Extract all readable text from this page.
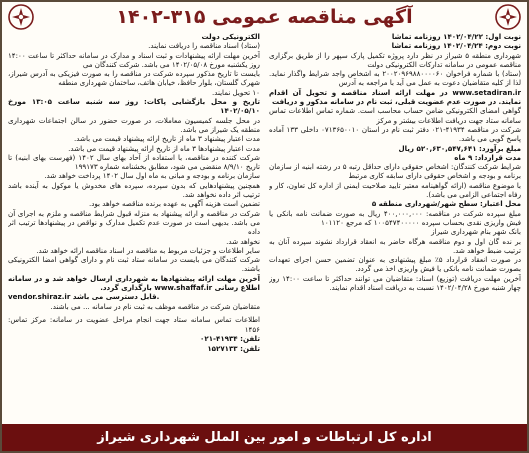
آگهی مناقصه عمومی ۳۱۵-۱۴۰۲

نوبت اول: ۱۴۰۲/۰۴/۲۲ روزنامه تماشا

نوبت دوم: ۱۴۰۲/۰۴/۲۴ روزنامه تماشا

شهرداری منطقه ۵ شیراز در نظر دارد پروژه تکمیل پارک سپهر را از طریق برگزاری مناقصه عمومی در سامانه تدارکات الکترونیکی دولت

(ستاد) با شماره فراخوان ۲۰۰۲۰۹۶۹۸۸۰۰۰۰۶۰ به اشخاص واجد شرایط واگذار نماید. لذا از کلیه متقاضیان دعوت به عمل می آید با مراجعه به آدرس

www.setadiran.ir در مهلت ارائه اسناد مناقصه و تحویل آن اقدام نمایند. در صورت عدم عضویت قبلی، ثبت نام در سامانه مذکور و دریافت

گواهی امضای الکترونیکی ضامن حساب محاسب است. شماره تماس اطلاعات تماس سامانه ستاد جهت دریافت اطلاعات بیشتر و مرکز

شرکت در مناقصه ۴۱۹۳۴-۰۲۱ دفتر ثبت نام در استان ۰۷۱۳۶۵۰۰۱۰ داخلی ۱۳۳ آماده پاسخ گویی می باشد.

مبلغ برآورد: ۵۲۰,۶۳۰,۵۴۷,۶۴۱ ریال

مدت قرارداد: ۹ ماه

شرایط شرکت کنندگان: اشخاص حقوقی دارای حداقل رتبه ۵ در رشته ابنیه از سازمان برنامه و بودجه و اشخاص حقوقی دارای سابقه کاری مرتبط

با موضوع مناقصه (ارائه گواهینامه معتبر تایید صلاحیت ایمنی از اداره کل تعاون، کار و رفاه اجتماعی الزامی می باشد).

محل اعتبار: سطح شهر/شهرداری منطقه ۵

مبلغ سپرده شرکت در مناقصه: ۴۰۰,۰۰۰,۰۰۰ ریال به صورت ضمانت نامه بانکی یا فیش واریزی نقدی بحساب سپرده ۱۰۰۵۴۷۴۰۰۰۰۰ که مرجع ۱۰۱۱۲۰

بانک شهر بنام شهرداری شیراز

بر نده گان اول و دوم مناقصه هرگاه حاضر به انعقاد قرارداد نشوند سپرده آنان به ترتیب ضبط خواهد شد.

در صورت انعقاد قرارداد ۵٪ مبلغ پیشنهادی به عنوان تضمین حسن اجرای تعهدات بصورت ضمانت نامه بانکی یا فیش واریزی اخذ می گردد.

آخرین مهلت دریافت (توزیع) اسناد: متقاضیان می توانند حداکثر تا ساعت ۱۴:۰۰ روز چهار شنبه مورخ ۱۴۰۲/۰۴/۲۸ نسبت به دریافت اسناد اقدام نمایند.

الکترونیکی دولت

(ستاد) اسناد مناقصه را دریافت نمایند.

آخرین مهلت ارائه پیشنهادات و ثبت اسناد و مدارک در سامانه حداکثر تا ساعت ۱۴:۰۰ روز یکشنبه مورخ ۱۴۰۲/۰۵/۰۸ می باشد. شرکت کنندگان می

بایست تا تاریخ مذکور سپرده شرکت در مناقصه را به صورت فیزیکی به آدرس شیراز، شهرک گلستان، بلوار حافظ، خیابان هاتف، ساختمان شهرداری منطقه

۱۰ تحویل نمایند.

تاریخ و محل بازگشایی پاکات: روز سه شنبه ساعت ۱۳:۰۵ مورخ ۱۴۰۲/۰۵/۱۰

در محل جلسه کمیسیون معاملات، در صورت حضور در سالن اجتماعات شهرداری منطقه یک شیراز می باشد.

مدت اعتبار پیشنهاد ۳ ماه از تاریخ ارائه پیشنهاد قیمت می باشد.

مدت اعتبار پیشنهادها ۳ ماه از تاریخ ارائه پیشنهاد قیمت می باشد.

شرکت کننده در مناقصه، با استفاده از آحاد بهای سال ۱۴۰۲ (فهرست بهای ابنیه) تا تاریخ ۸/۹/۱۰ منقضی می شود، مطابق بخشنامه شماره ۱۹۹۱۷۳

سازمان برنامه و بودجه و مبانی به ماه اول سال ۱۴۰۲ پرداخت خواهد شد.

همچنین پیشنهادهایی که بدون سپرده، سپرده های مخدوش یا موکول به آینده باشد ترتیب اثر داده نخواهد شد.

تضمین است هزینه آگهی به عهده برنده مناقصه خواهد بود.

شرکت در مناقصه و ارائه پیشنهاد به منزله قبول شرایط مناقصه و ملزم به اجرای آن می باشد. بدیهی است در صورت عدم تکمیل مدارک و نواقص در پیشنهادها ترتیب اثر داده

نخواهد شد.

سایر اطلاعات و جزئیات مربوط به مناقصه در اسناد مناقصه ارائه خواهد شد.

شرکت کنندگان می بایست در سامانه ستاد ثبت نام و دارای گواهی امضا الکترونیکی باشند.

آخرین مهلت ارائه پیشنهادها به شهرداری ارسال خواهد شد و در سامانه اطلاع رسانی www.shaffaf.ir بارگذاری گردد.

vendor.shiraz.ir قابل دسترسی می باشد.

متقاضیان شرکت در مناقصه موظف به ثبت نام در سامانه ... می باشند.

اطلاعات تماس سامانه ستاد جهت انجام مراحل عضویت در سامانه: مرکز تماس: ۱۴۵۶

تلفن: ۴۱۹۳۴-۰۲۱

تلفن: ۱۵۲۷۱۳۳

اداره کل ارتباطات و امور بین الملل شهرداری شیراز
